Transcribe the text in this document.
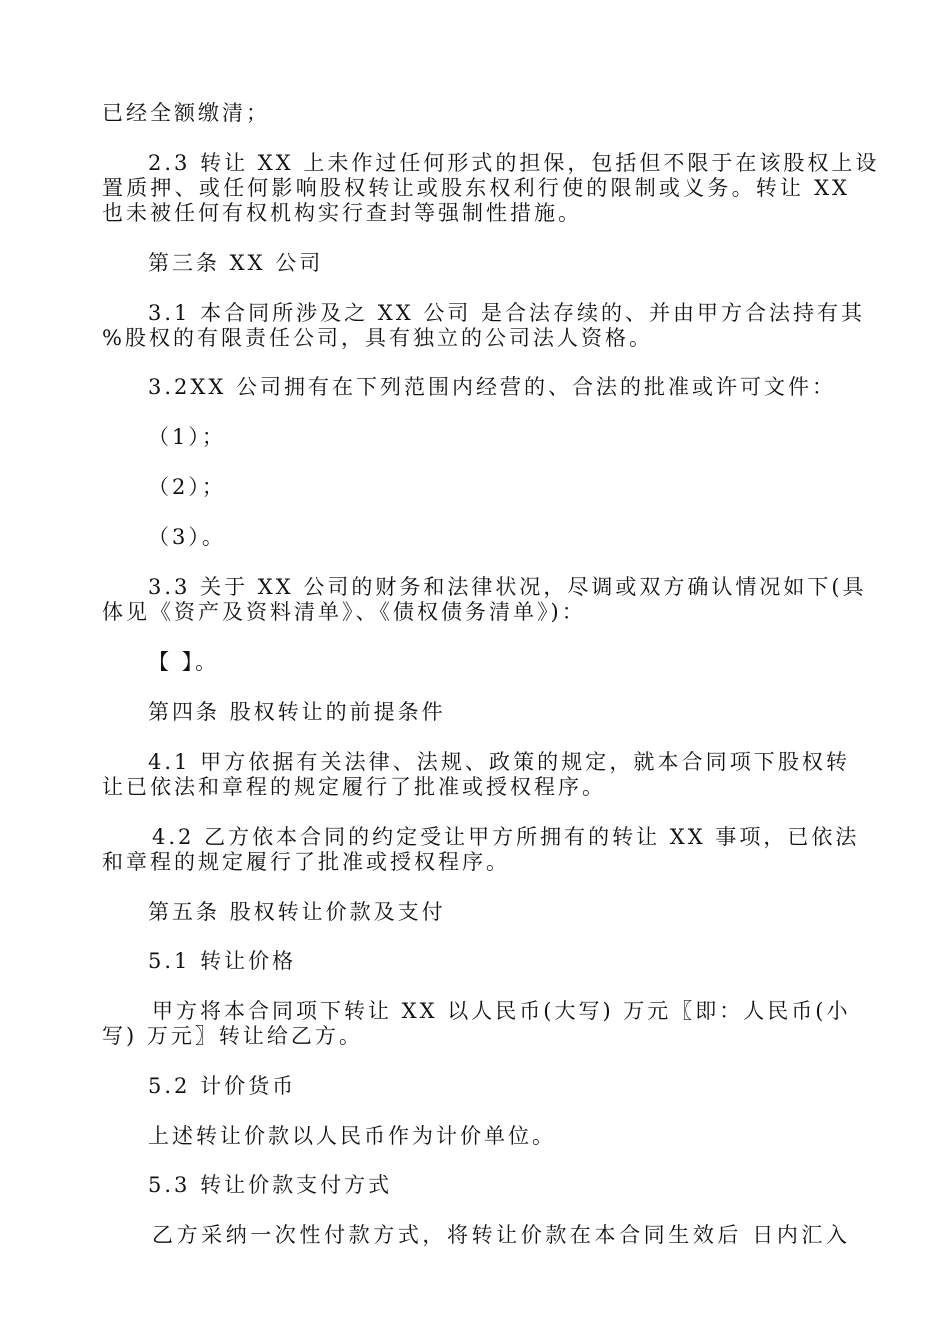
已经全额缴清；
2.3 转让 XX 上未作过任何形式的担保，包括但不限于在该股权上设
置质押、或任何影响股权转让或股东权利行使的限制或义务。转让 XX
也未被任何有权机构实行查封等强制性措施。
第三条 XX 公司
3.1 本合同所涉及之 XX 公司 是合法存续的、并由甲方合法持有其
%股权的有限责任公司，具有独立的公司法人资格。
3.2XX 公司拥有在下列范围内经营的、合法的批准或许可文件：
（1）；
（2）；
（3）。
3.3 关于 XX 公司的财务和法律状况，尽调或双方确认情况如下(具
体见《资产及资料清单》、《债权债务清单》)：
【 】。
第四条 股权转让的前提条件
4.1 甲方依据有关法律、法规、政策的规定，就本合同项下股权转
让已依法和章程的规定履行了批准或授权程序。
4.2 乙方依本合同的约定受让甲方所拥有的转让 XX 事项，已依法
和章程的规定履行了批准或授权程序。
第五条 股权转让价款及支付
5.1 转让价格
甲方将本合同项下转让 XX 以人民币(大写) 万元〖即：人民币(小
写) 万元〗转让给乙方。
5.2 计价货币
上述转让价款以人民币作为计价单位。
5.3 转让价款支付方式
乙方采纳一次性付款方式，将转让价款在本合同生效后 日内汇入
